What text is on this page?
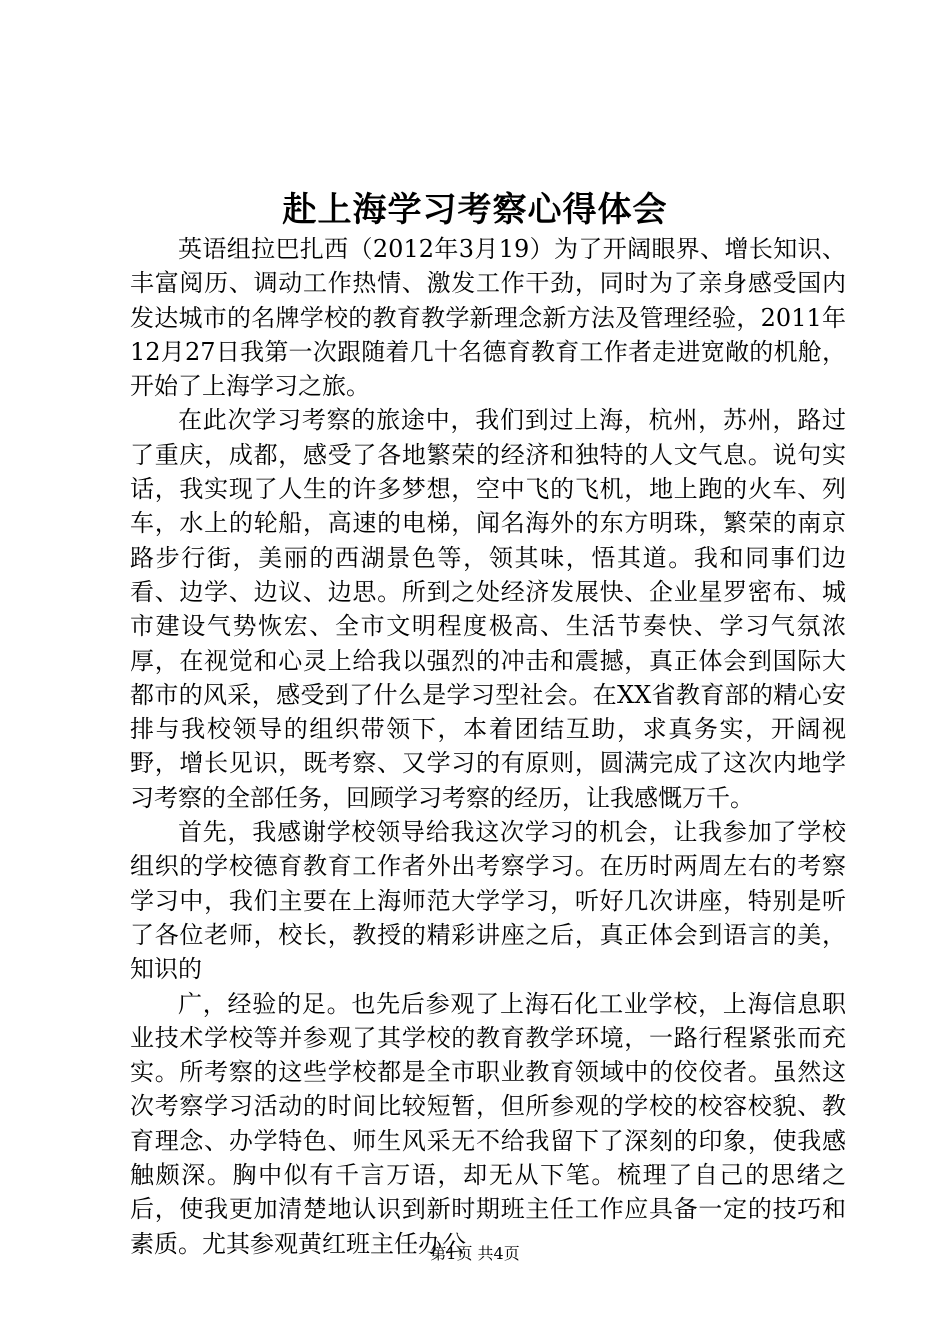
赴上海学习考察心得体会

英语组拉巴扎西（2012年3月19）为了开阔眼界、增长知识、丰富阅历、调动工作热情、激发工作干劲，同时为了亲身感受国内发达城市的名牌学校的教育教学新理念新方法及管理经验，2011年12月27日我第一次跟随着几十名德育教育工作者走进宽敞的机舱，开始了上海学习之旅。

在此次学习考察的旅途中，我们到过上海，杭州，苏州，路过了重庆，成都，感受了各地繁荣的经济和独特的人文气息。说句实话，我实现了人生的许多梦想，空中飞的飞机，地上跑的火车、列车，水上的轮船，高速的电梯，闻名海外的东方明珠，繁荣的南京路步行街，美丽的西湖景色等，领其味，悟其道。我和同事们边看、边学、边议、边思。所到之处经济发展快、企业星罗密布、城市建设气势恢宏、全市文明程度极高、生活节奏快、学习气氛浓厚，在视觉和心灵上给我以强烈的冲击和震撼，真正体会到国际大都市的风采，感受到了什么是学习型社会。在XX省教育部的精心安排与我校领导的组织带领下，本着团结互助，求真务实，开阔视野，增长见识，既考察、又学习的有原则，圆满完成了这次内地学习考察的全部任务，回顾学习考察的经历，让我感慨万千。

首先，我感谢学校领导给我这次学习的机会，让我参加了学校组织的学校德育教育工作者外出考察学习。在历时两周左右的考察学习中，我们主要在上海师范大学学习，听好几次讲座，特别是听了各位老师，校长，教授的精彩讲座之后，真正体会到语言的美，知识的

广，经验的足。也先后参观了上海石化工业学校，上海信息职业技术学校等并参观了其学校的教育教学环境，一路行程紧张而充实。所考察的这些学校都是全市职业教育领域中的佼佼者。虽然这次考察学习活动的时间比较短暂，但所参观的学校的校容校貌、教育理念、办学特色、师生风采无不给我留下了深刻的印象，使我感触颇深。胸中似有千言万语，却无从下笔。梳理了自己的思绪之后，使我更加清楚地认识到新时期班主任工作应具备一定的技巧和素质。尤其参观黄红班主任办公

第1页 共4页
